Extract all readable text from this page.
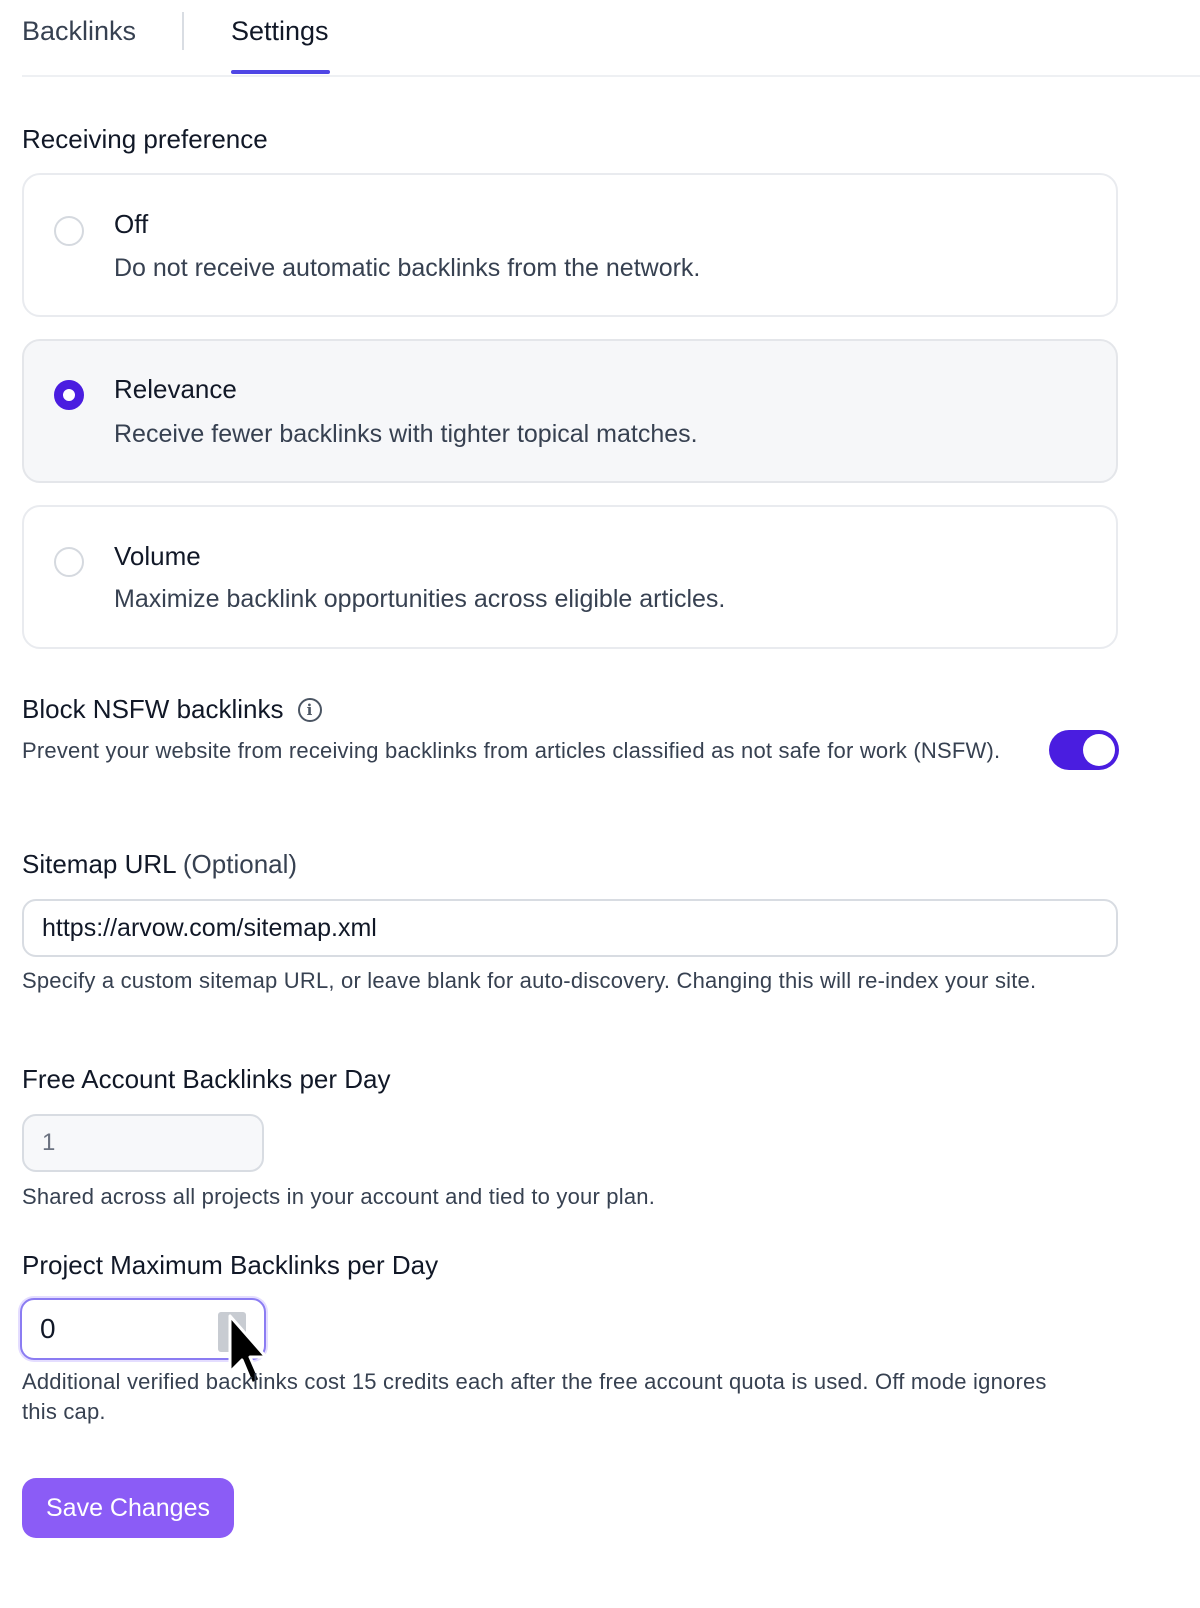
Backlinks	Settings
Receiving preference
Off
Do not receive automatic backlinks from the network.
Relevance
Receive fewer backlinks with tighter topical matches.
Volume
Maximize backlink opportunities across eligible articles.
Block NSFW backlinks	i
Prevent your website from receiving backlinks from articles classified as not safe for work (NSFW).
Sitemap URL (Optional)
https://arvow.com/sitemap.xml
Specify a custom sitemap URL, or leave blank for auto-discovery. Changing this will re-index your site.
Free Account Backlinks per Day
1
Shared across all projects in your account and tied to your plan.
Project Maximum Backlinks per Day
0
Additional verified backlinks cost 15 credits each after the free account quota is used. Off mode ignores this cap.
Save Changes
